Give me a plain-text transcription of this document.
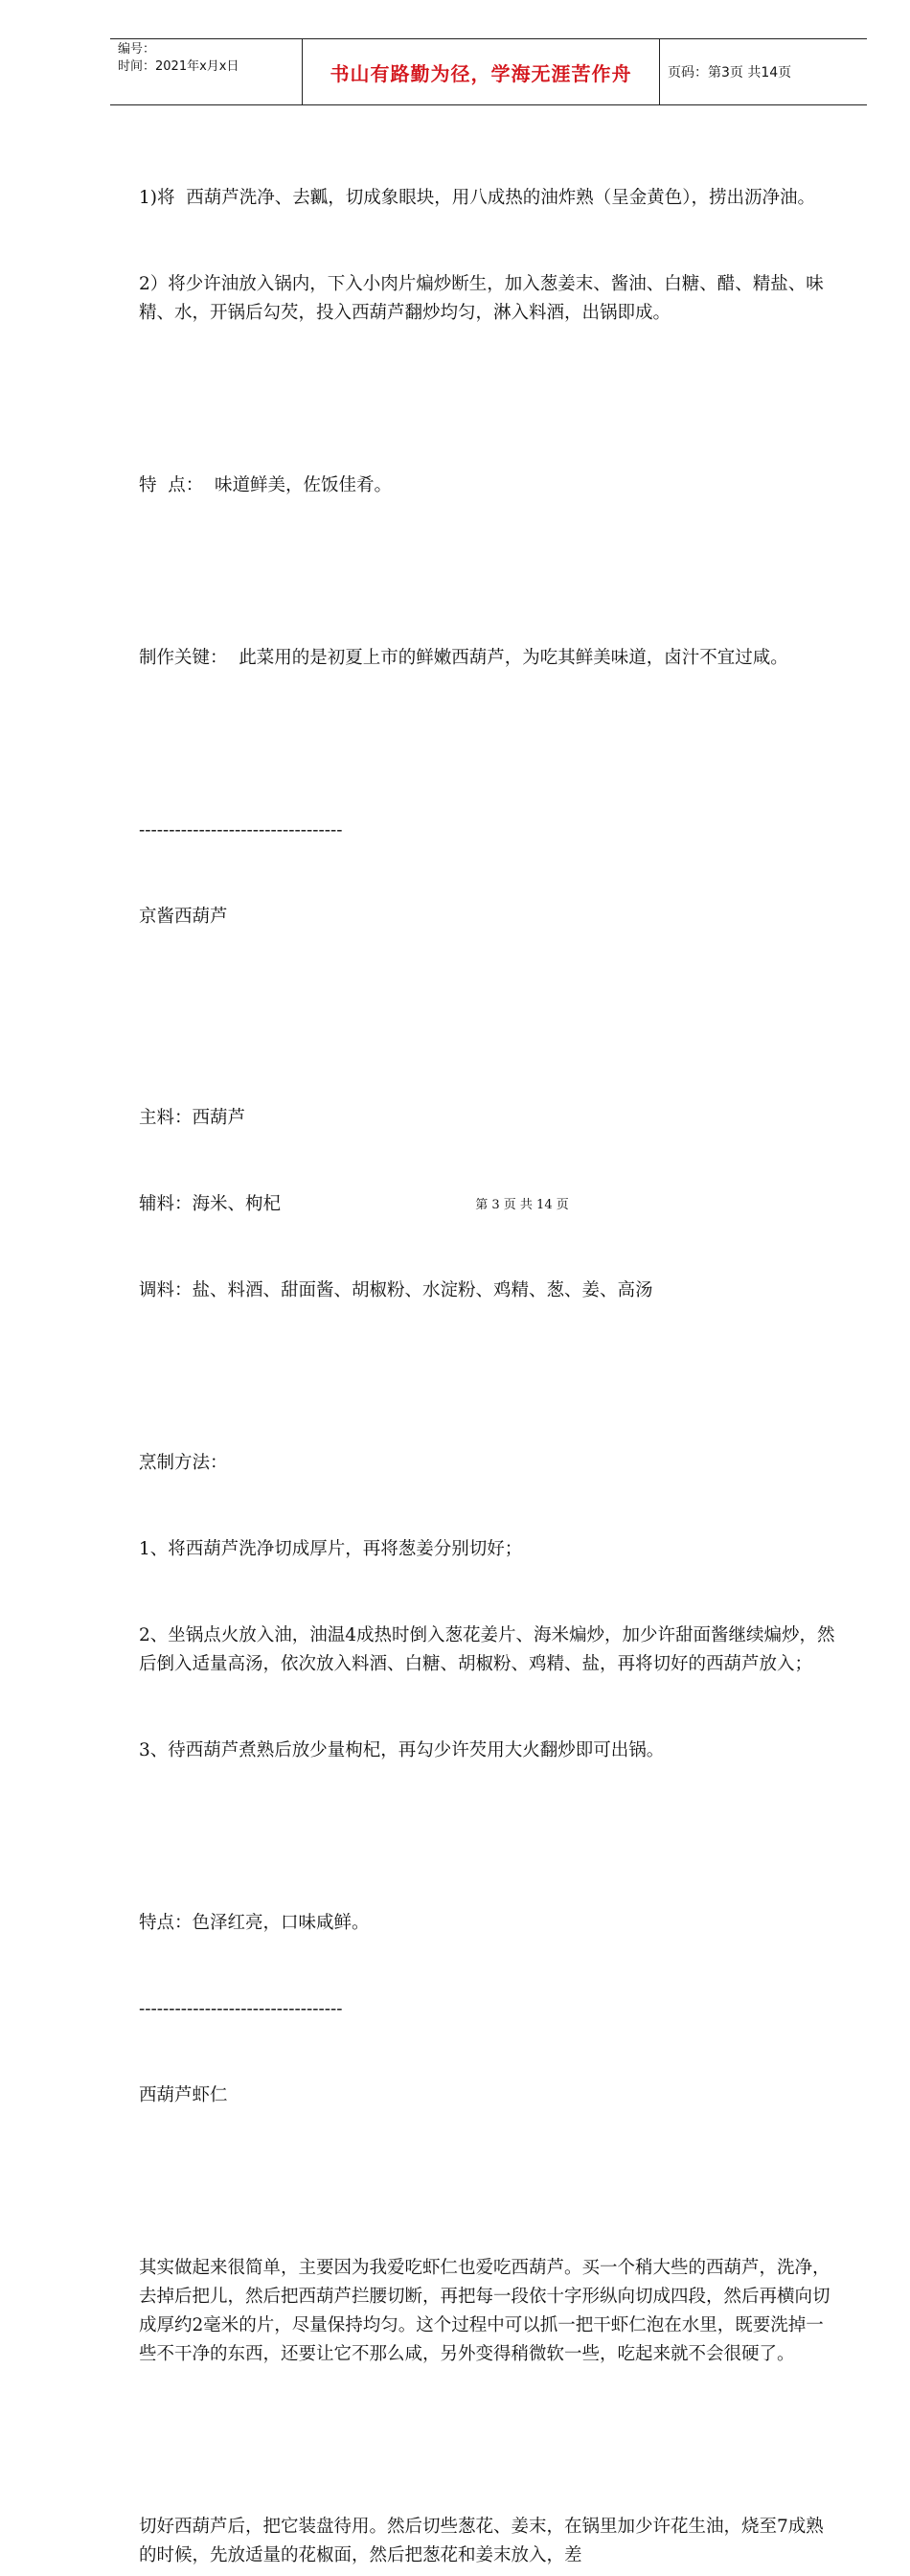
编号：
时间：2021年x月x日	书山有路勤为径，学海无涯苦作舟	页码：第3页 共14页

1)将  西葫芦洗净、去瓤，切成象眼块，用八成热的油炸熟（呈金黄色），捞出沥净油。

2）将少许油放入锅内，下入小肉片煸炒断生，加入葱姜末、酱油、白糖、醋、精盐、味精、水，开锅后勾芡，投入西葫芦翻炒均匀，淋入料酒，出锅即成。

特  点：  味道鲜美，佐饭佳肴。

制作关键：  此菜用的是初夏上市的鲜嫩西葫芦，为吃其鲜美味道，卤汁不宜过咸。

----------------------------------

京酱西葫芦

主料：西葫芦

辅料：海米、枸杞

调料：盐、料酒、甜面酱、胡椒粉、水淀粉、鸡精、葱、姜、高汤

烹制方法：

1、将西葫芦洗净切成厚片，再将葱姜分别切好；

2、坐锅点火放入油，油温4成热时倒入葱花姜片、海米煸炒，加少许甜面酱继续煸炒，然后倒入适量高汤，依次放入料酒、白糖、胡椒粉、鸡精、盐，再将切好的西葫芦放入；

3、待西葫芦煮熟后放少量枸杞，再勾少许芡用大火翻炒即可出锅。

特点：色泽红亮，口味咸鲜。

----------------------------------

西葫芦虾仁

其实做起来很简单，主要因为我爱吃虾仁也爱吃西葫芦。买一个稍大些的西葫芦，洗净，去掉后把儿，然后把西葫芦拦腰切断，再把每一段依十字形纵向切成四段，然后再横向切成厚约2毫米的片，尽量保持均匀。这个过程中可以抓一把干虾仁泡在水里，既要洗掉一些不干净的东西，还要让它不那么咸，另外变得稍微软一些，吃起来就不会很硬了。

切好西葫芦后，把它装盘待用。然后切些葱花、姜末，在锅里加少许花生油，烧至7成熟的时候，先放适量的花椒面，然后把葱花和姜末放入，差

第 3 页 共 14 页
